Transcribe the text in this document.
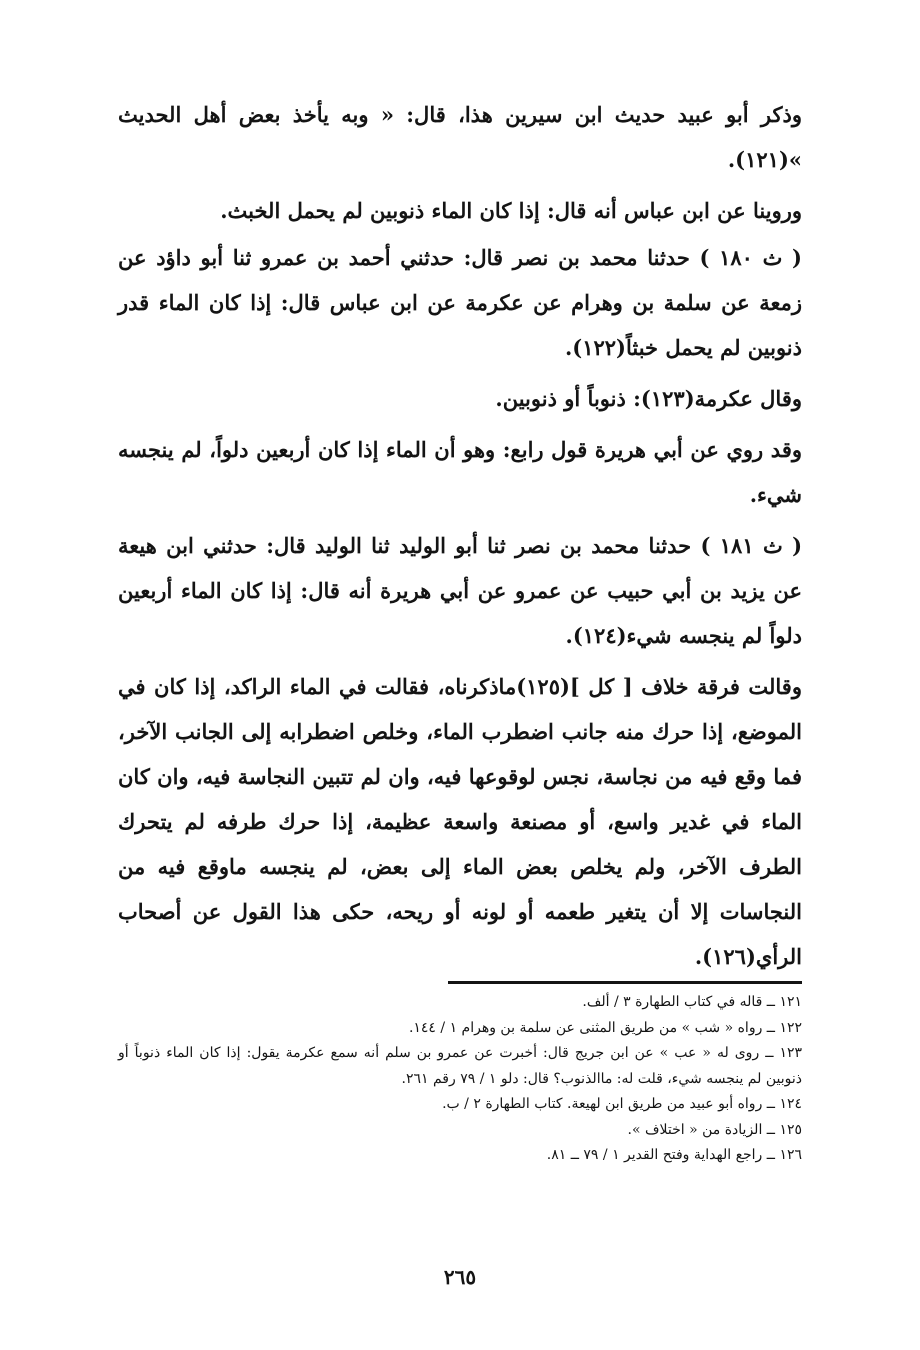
وذكر أبو عبيد حديث ابن سيرين هذا، قال: « وبه يأخذ بعض أهل الحديث »(١٢١).

وروينا عن ابن عباس أنه قال: إذا كان الماء ذنوبين لم يحمل الخبث.

( ث ١٨٠ ) حدثنا محمد بن نصر قال: حدثني أحمد بن عمرو ثنا أبو داؤد عن زمعة عن سلمة بن وهرام عن عكرمة عن ابن عباس قال: إذا كان الماء قدر ذنوبين لم يحمل خبثاً(١٢٢).

وقال عكرمة(١٢٣): ذنوباً أو ذنوبين.

وقد روي عن أبي هريرة قول رابع: وهو أن الماء إذا كان أربعين دلواً، لم ينجسه شيء.

( ث ١٨١ ) حدثنا محمد بن نصر ثنا أبو الوليد ثنا الوليد قال: حدثني ابن هيعة عن يزيد بن أبي حبيب عن عمرو عن أبي هريرة أنه قال: إذا كان الماء أربعين دلواً لم ينجسه شيء(١٢٤).

وقالت فرقة خلاف [ كل ](١٢٥)ماذكرناه، فقالت في الماء الراكد، إذا كان في الموضع، إذا حرك منه جانب اضطرب الماء، وخلص اضطرابه إلى الجانب الآخر، فما وقع فيه من نجاسة، نجس لوقوعها فيه، وان لم تتبين النجاسة فيه، وان كان الماء في غدير واسع، أو مصنعة واسعة عظيمة، إذا حرك طرفه لم يتحرك الطرف الآخر، ولم يخلص بعض الماء إلى بعض، لم ينجسه ماوقع فيه من النجاسات إلا أن يتغير طعمه أو لونه أو ريحه، حكى هذا القول عن أصحاب الرأي(١٢٦).

١٢١ ــ قاله في كتاب الطهارة ٣ / ألف.

١٢٢ ــ رواه « شب » من طريق المثنى عن سلمة بن وهرام ١ / ١٤٤.

١٢٣ ــ روى له « عب » عن ابن جريج قال: أخبرت عن عمرو بن سلم أنه سمع عكرمة يقول: إذا كان الماء ذنوباً أو ذنوبين لم ينجسه شيء، قلت له: ماالذنوب؟ قال: دلو ١ / ٧٩ رقم ٢٦١.

١٢٤ ــ رواه أبو عبيد من طريق ابن لهيعة. كتاب الطهارة ٢ / ب.

١٢٥ ــ الزيادة من « اختلاف ».

١٢٦ ــ راجع الهداية وفتح القدير ١ / ٧٩ ــ ٨١.

٢٦٥
